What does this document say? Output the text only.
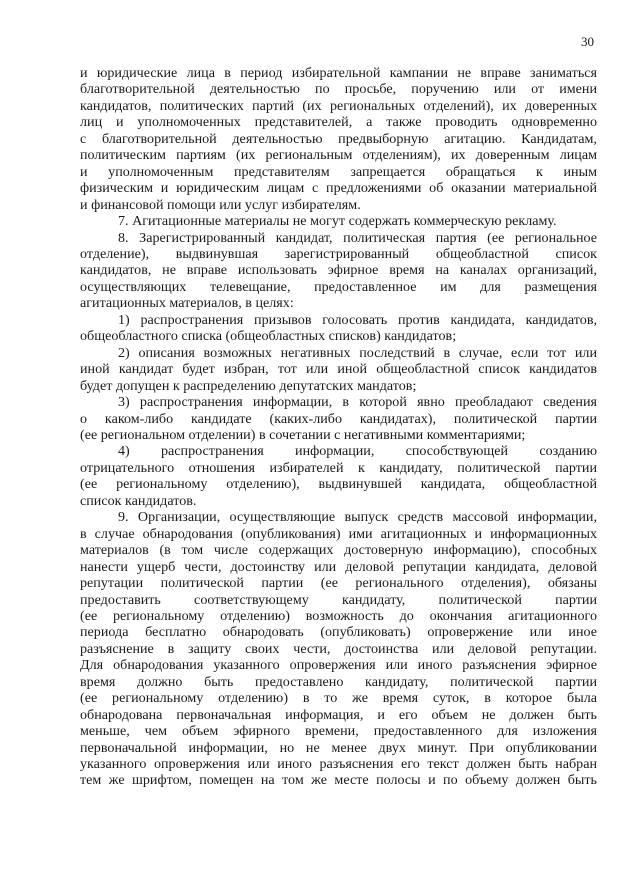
30

и юридические лица в период избирательной кампании не вправе заниматься

благотворительной деятельностью по просьбе, поручению или от имени

кандидатов, политических партий (их региональных отделений), их доверенных

лиц и уполномоченных представителей, а также проводить одновременно

с благотворительной деятельностью предвыборную агитацию. Кандидатам,

политическим партиям (их региональным отделениям), их доверенным лицам

и уполномоченным представителям запрещается обращаться к иным

физическим и юридическим лицам с предложениями об оказании материальной

и финансовой помощи или услуг избирателям.

7. Агитационные материалы не могут содержать коммерческую рекламу.

8. Зарегистрированный кандидат, политическая партия (ее региональное

отделение), выдвинувшая зарегистрированный общеобластной список

кандидатов, не вправе использовать эфирное время на каналах организаций,

осуществляющих телевещание, предоставленное им для размещения

агитационных материалов, в целях:

1) распространения призывов голосовать против кандидата, кандидатов,

общеобластного списка (общеобластных списков) кандидатов;

2) описания возможных негативных последствий в случае, если тот или

иной кандидат будет избран, тот или иной общеобластной список кандидатов

будет допущен к распределению депутатских мандатов;

3) распространения информации, в которой явно преобладают сведения

о каком-либо кандидате (каких-либо кандидатах), политической партии

(ее региональном отделении) в сочетании с негативными комментариями;

4) распространения информации, способствующей созданию

отрицательного отношения избирателей к кандидату, политической партии

(ее региональному отделению), выдвинувшей кандидата, общеобластной

список кандидатов.

9. Организации, осуществляющие выпуск средств массовой информации,

в случае обнародования (опубликования) ими агитационных и информационных

материалов (в том числе содержащих достоверную информацию), способных

нанести ущерб чести, достоинству или деловой репутации кандидата, деловой

репутации политической партии (ее регионального отделения), обязаны

предоставить соответствующему кандидату, политической партии

(ее региональному отделению) возможность до окончания агитационного

периода бесплатно обнародовать (опубликовать) опровержение или иное

разъяснение в защиту своих чести, достоинства или деловой репутации.

Для обнародования указанного опровержения или иного разъяснения эфирное

время должно быть предоставлено кандидату, политической партии

(ее региональному отделению) в то же время суток, в которое была

обнародована первоначальная информация, и его объем не должен быть

меньше, чем объем эфирного времени, предоставленного для изложения

первоначальной информации, но не менее двух минут. При опубликовании

указанного опровержения или иного разъяснения его текст должен быть набран

тем же шрифтом, помещен на том же месте полосы и по объему должен быть
